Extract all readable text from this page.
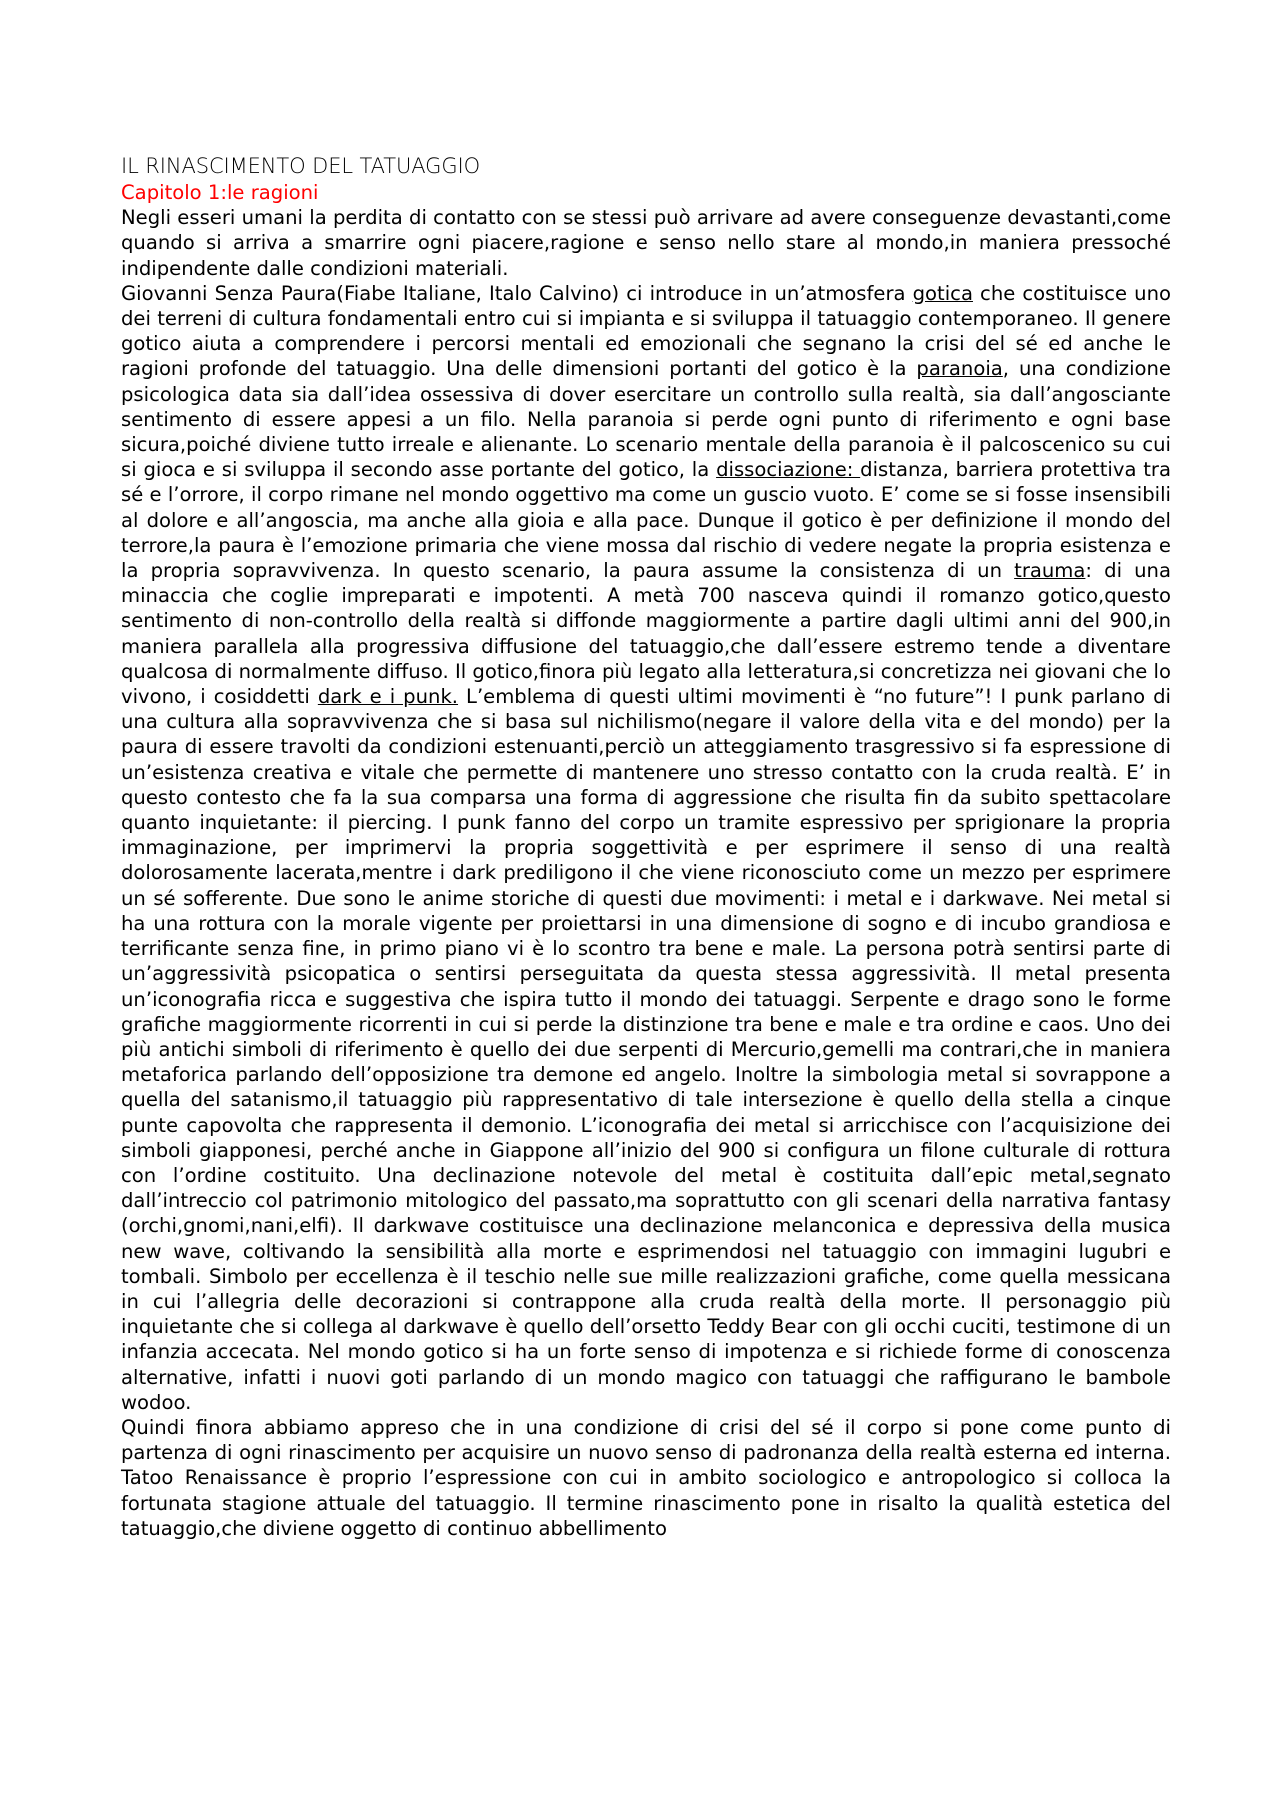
IL RINASCIMENTO DEL TATUAGGIO

Capitolo 1:le ragioni

Negli esseri umani la perdita di contatto con se stessi può arrivare ad avere conseguenze devastanti,come quando si arriva a smarrire ogni piacere,ragione e senso nello stare al mondo,in maniera pressoché indipendente dalle condizioni materiali.

Giovanni Senza Paura(Fiabe Italiane, Italo Calvino) ci introduce in un’atmosfera gotica che costituisce uno dei terreni di cultura fondamentali entro cui si impianta e si sviluppa il tatuaggio contemporaneo. Il genere gotico aiuta a comprendere i percorsi mentali ed emozionali che segnano la crisi del sé ed anche le ragioni profonde del tatuaggio. Una delle dimensioni portanti del gotico è la paranoia, una condizione psicologica data sia dall’idea ossessiva di dover esercitare un controllo sulla realtà, sia dall’angosciante sentimento di essere appesi a un filo. Nella paranoia si perde ogni punto di riferimento e ogni base sicura,poiché diviene tutto irreale e alienante. Lo scenario mentale della paranoia è il palcoscenico su cui si gioca e si sviluppa il secondo asse portante del gotico, la dissociazione: distanza, barriera protettiva tra sé e l’orrore, il corpo rimane nel mondo oggettivo ma come un guscio vuoto. E’ come se si fosse insensibili al dolore e all’angoscia, ma anche alla gioia e alla pace. Dunque il gotico è per definizione il mondo del terrore,la paura è l’emozione primaria che viene mossa dal rischio di vedere negate la propria esistenza e la propria sopravvivenza. In questo scenario, la paura assume la consistenza di un trauma: di una minaccia che coglie impreparati e impotenti. A metà 700 nasceva quindi il romanzo gotico,questo sentimento di non-controllo della realtà si diffonde maggiormente a partire dagli ultimi anni del 900,in maniera parallela alla progressiva diffusione del tatuaggio,che dall’essere estremo tende a diventare qualcosa di normalmente diffuso. Il gotico,finora più legato alla letteratura,si concretizza nei giovani che lo vivono, i cosiddetti dark e i punk. L’emblema di questi ultimi movimenti è “no future”! I punk parlano di una cultura alla sopravvivenza che si basa sul nichilismo(negare il valore della vita e del mondo) per la paura di essere travolti da condizioni estenuanti,perciò un atteggiamento trasgressivo si fa espressione di un’esistenza creativa e vitale che permette di mantenere uno stresso contatto con la cruda realtà. E’ in questo contesto che fa la sua comparsa una forma di aggressione che risulta fin da subito spettacolare quanto inquietante: il piercing. I punk fanno del corpo un tramite espressivo per sprigionare la propria immaginazione, per imprimervi la propria soggettività e per esprimere il senso di una realtà dolorosamente lacerata,mentre i dark prediligono il che viene riconosciuto come un mezzo per esprimere un sé sofferente. Due sono le anime storiche di questi due movimenti: i metal e i darkwave. Nei metal si ha una rottura con la morale vigente per proiettarsi in una dimensione di sogno e di incubo grandiosa e terrificante senza fine, in primo piano vi è lo scontro tra bene e male. La persona potrà sentirsi parte di un’aggressività psicopatica o sentirsi perseguitata da questa stessa aggressività. Il metal presenta un’iconografia ricca e suggestiva che ispira tutto il mondo dei tatuaggi. Serpente e drago sono le forme grafiche maggiormente ricorrenti in cui si perde la distinzione tra bene e male e tra ordine e caos. Uno dei più antichi simboli di riferimento è quello dei due serpenti di Mercurio,gemelli ma contrari,che in maniera metaforica parlando dell’opposizione tra demone ed angelo. Inoltre la simbologia metal si sovrappone a quella del satanismo,il tatuaggio più rappresentativo di tale intersezione è quello della stella a cinque punte capovolta che rappresenta il demonio. L’iconografia dei metal si arricchisce con l’acquisizione dei simboli giapponesi, perché anche in Giappone all’inizio del 900 si configura un filone culturale di rottura con l’ordine costituito. Una declinazione notevole del metal è costituita dall’epic metal,segnato dall’intreccio col patrimonio mitologico del passato,ma soprattutto con gli scenari della narrativa fantasy (orchi,gnomi,nani,elfi). Il darkwave costituisce una declinazione melanconica e depressiva della musica new wave, coltivando la sensibilità alla morte e esprimendosi nel tatuaggio con immagini lugubri e tombali. Simbolo per eccellenza è il teschio nelle sue mille realizzazioni grafiche, come quella messicana in cui l’allegria delle decorazioni si contrappone alla cruda realtà della morte. Il personaggio più inquietante che si collega al darkwave è quello dell’orsetto Teddy Bear con gli occhi cuciti, testimone di un infanzia accecata. Nel mondo gotico si ha un forte senso di impotenza e si richiede forme di conoscenza alternative, infatti i nuovi goti parlando di un mondo magico con tatuaggi che raffigurano le bambole wodoo.

Quindi finora abbiamo appreso che in una condizione di crisi del sé il corpo si pone come punto di partenza di ogni rinascimento per acquisire un nuovo senso di padronanza della realtà esterna ed interna. Tatoo Renaissance è proprio l’espressione con cui in ambito sociologico e antropologico si colloca la fortunata stagione attuale del tatuaggio. Il termine rinascimento pone in risalto la qualità estetica del tatuaggio,che diviene oggetto di continuo abbellimento
